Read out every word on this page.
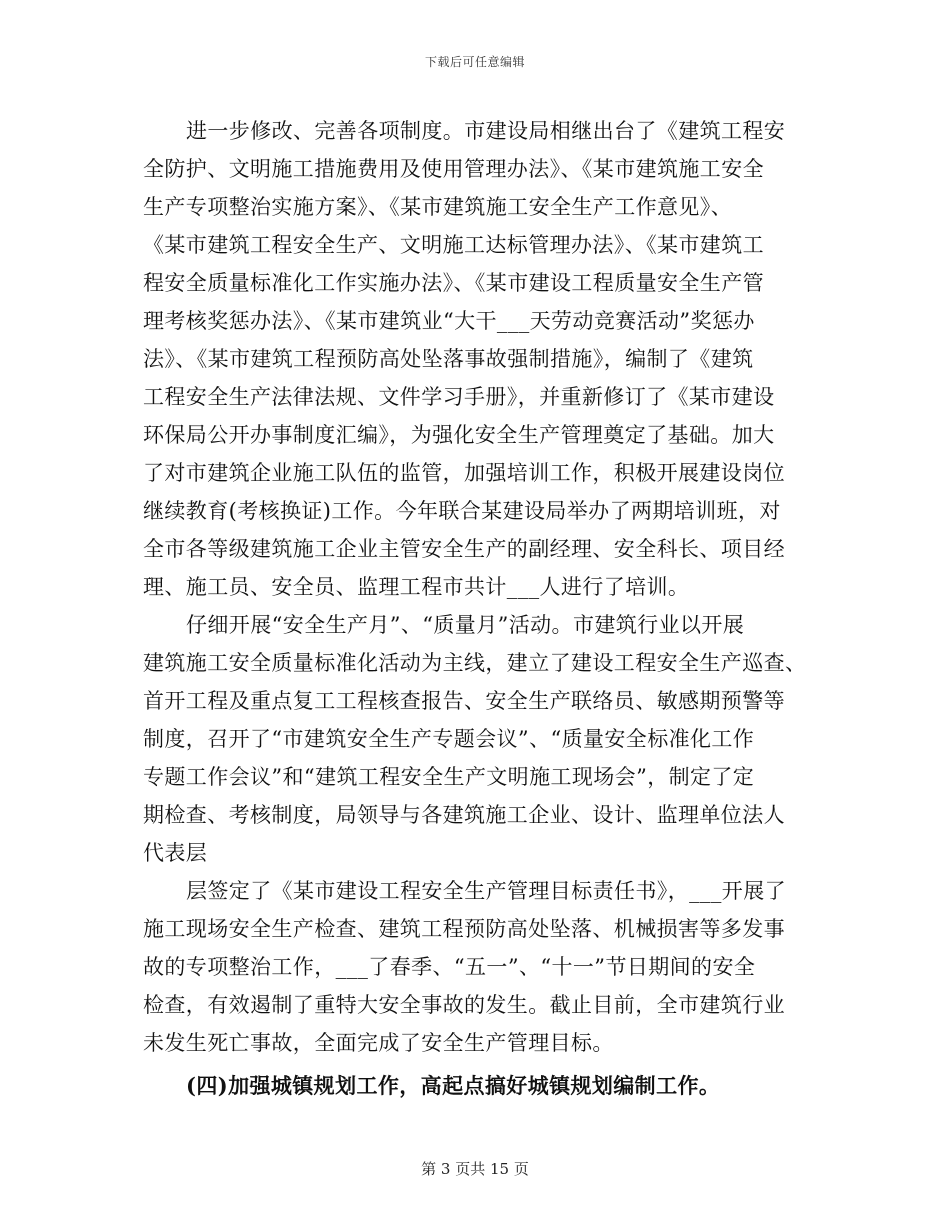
下载后可任意编辑
进一步修改、完善各项制度。市建设局相继出台了《建筑工程安
全防护、文明施工措施费用及使用管理办法》、《某市建筑施工安全
生产专项整治实施方案》、《某市建筑施工安全生产工作意见》、
《某市建筑工程安全生产、文明施工达标管理办法》、《某市建筑工
程安全质量标准化工作实施办法》、《某市建设工程质量安全生产管
理考核奖惩办法》、《某市建筑业“大干___天劳动竞赛活动”奖惩办
法》、《某市建筑工程预防高处坠落事故强制措施》，编制了《建筑
工程安全生产法律法规、文件学习手册》，并重新修订了《某市建设
环保局公开办事制度汇编》，为强化安全生产管理奠定了基础。加大
了对市建筑企业施工队伍的监管，加强培训工作，积极开展建设岗位
继续教育(考核换证)工作。今年联合某建设局举办了两期培训班，对
全市各等级建筑施工企业主管安全生产的副经理、安全科长、项目经
理、施工员、安全员、监理工程市共计___人进行了培训。
仔细开展“安全生产月”、“质量月”活动。市建筑行业以开展
建筑施工安全质量标准化活动为主线，建立了建设工程安全生产巡查、
首开工程及重点复工工程核查报告、安全生产联络员、敏感期预警等
制度，召开了“市建筑安全生产专题会议”、“质量安全标准化工作
专题工作会议”和“建筑工程安全生产文明施工现场会”，制定了定
期检查、考核制度，局领导与各建筑施工企业、设计、监理单位法人
代表层
层签定了《某市建设工程安全生产管理目标责任书》，___开展了
施工现场安全生产检查、建筑工程预防高处坠落、机械损害等多发事
故的专项整治工作，___了春季、“五一”、“十一”节日期间的安全
检查，有效遏制了重特大安全事故的发生。截止目前，全市建筑行业
未发生死亡事故，全面完成了安全生产管理目标。
(四)加强城镇规划工作，高起点搞好城镇规划编制工作。
第 3 页共 15 页
